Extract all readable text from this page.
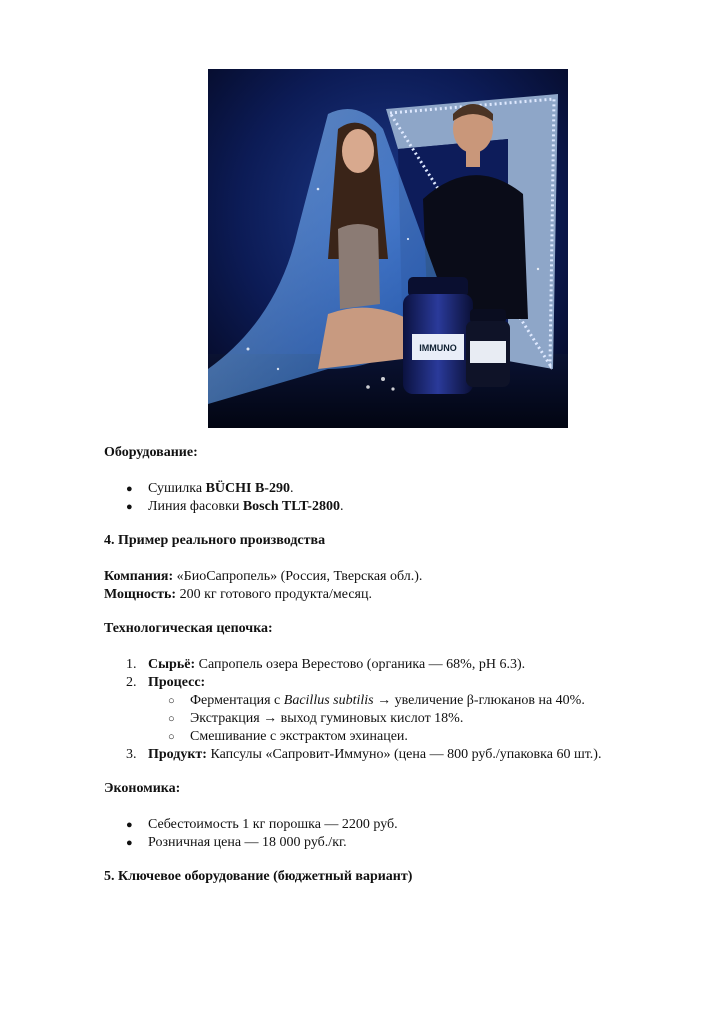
IMMUNO

Оборудование:

● Сушилка BÜCHI B-290.
● Линия фасовки Bosch TLT-2800.

4. Пример реального производства

Компания: «БиоСапропель» (Россия, Тверская обл.).

Мощность: 200 кг готового продукта/месяц.

Технологическая цепочка:

1. Сырьё: Сапропель озера Верестово (органика — 68%, pH 6.3).
2. Процесс:
○ Ферментация с Bacillus subtilis → увеличение β-глюканов на 40%.
○ Экстракция → выход гуминовых кислот 18%.
○ Смешивание с экстрактом эхинацеи.
3. Продукт: Капсулы «Сапровит-Иммуно» (цена — 800 руб./упаковка 60 шт.).

Экономика:

● Себестоимость 1 кг порошка — 2200 руб.
● Розничная цена — 18 000 руб./кг.

5. Ключевое оборудование (бюджетный вариант)
